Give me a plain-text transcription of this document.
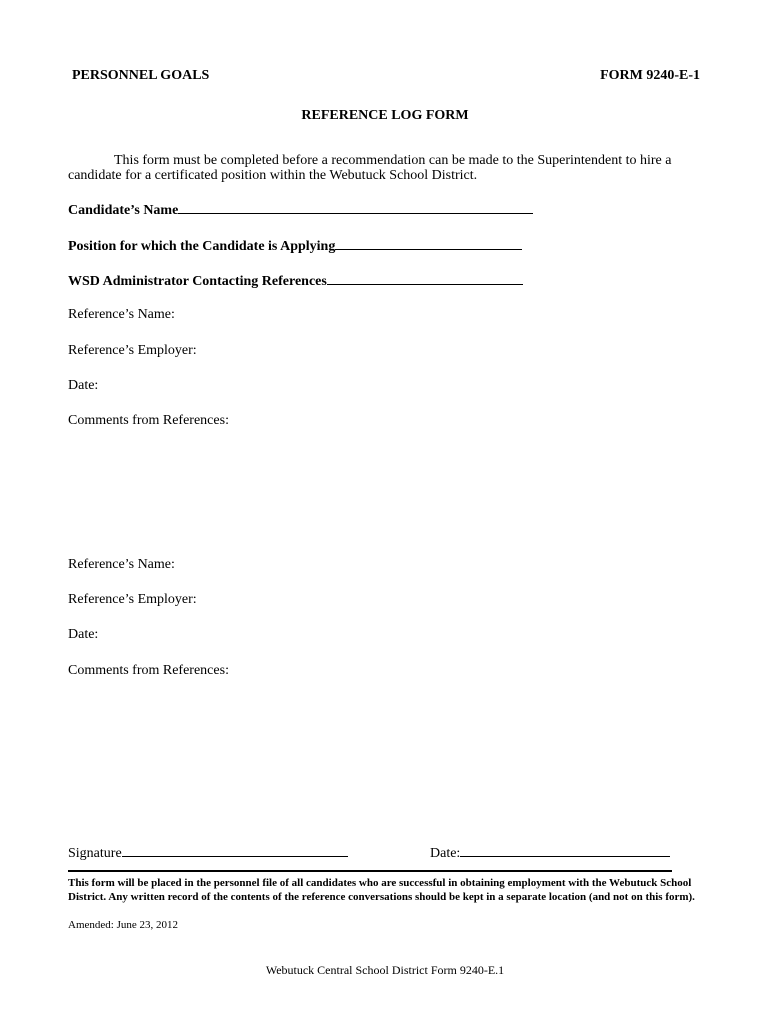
PERSONNEL GOALS	FORM 9240-E-1
REFERENCE LOG FORM
This form must be completed before a recommendation can be made to the Superintendent to hire a candidate for a certificated position within the Webutuck School District.
Candidate’s Name
Position for which the Candidate is Applying
WSD Administrator Contacting References
Reference’s Name:
Reference’s Employer:
Date:
Comments from References:
Reference’s Name:
Reference’s Employer:
Date:
Comments from References:
Signature	Date:
This form will be placed in the personnel file of all candidates who are successful in obtaining employment with the Webutuck School District. Any written record of the contents of the reference conversations should be kept in a separate location (and not on this form).
Amended: June 23, 2012
Webutuck Central School District Form 9240-E.1
